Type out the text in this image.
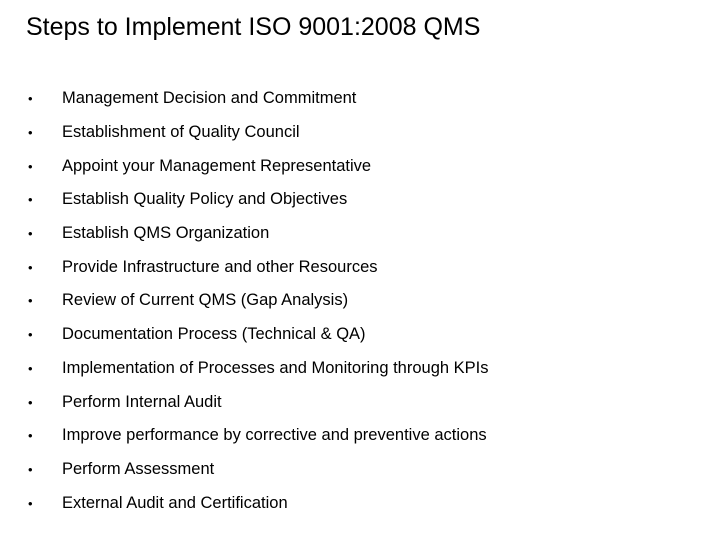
Steps to Implement ISO 9001:2008 QMS
•	Management Decision and Commitment
•	Establishment of Quality Council
•	Appoint your Management Representative
•	Establish Quality Policy and Objectives
•	Establish QMS Organization
•	Provide Infrastructure and other Resources
•	Review of Current QMS (Gap Analysis)
•	Documentation Process (Technical & QA)
•	Implementation of Processes and Monitoring through KPIs
•	Perform Internal Audit
•	Improve performance by corrective and preventive actions
•	Perform Assessment
•	External Audit and Certification
